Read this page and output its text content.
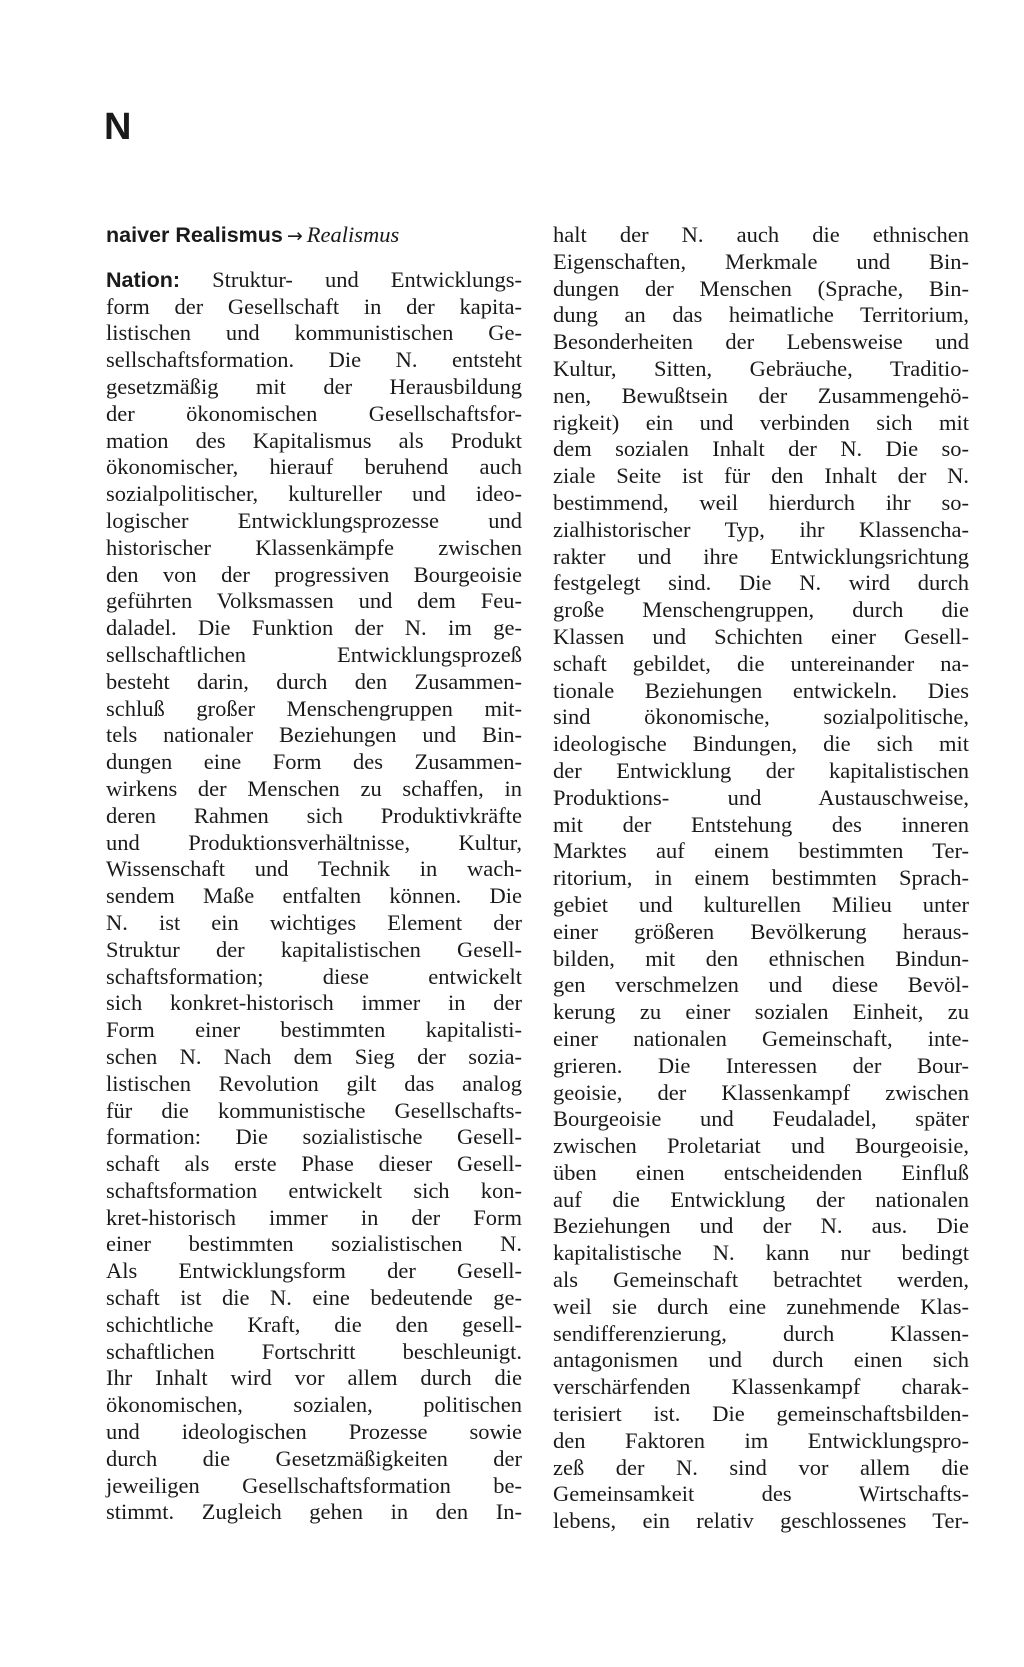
N
naiver Realismus → Realismus
Nation: Struktur- und Entwicklungs-
form der Gesellschaft in der kapita-
listischen und kommunistischen Ge-
sellschaftsformation. Die N. entsteht
gesetzmäßig mit der Herausbildung
der ökonomischen Gesellschaftsfor-
mation des Kapitalismus als Produkt
ökonomischer, hierauf beruhend auch
sozialpolitischer, kultureller und ideo-
logischer Entwicklungsprozesse und
historischer Klassenkämpfe zwischen
den von der progressiven Bourgeoisie
geführten Volksmassen und dem Feu-
daladel. Die Funktion der N. im ge-
sellschaftlichen Entwicklungsprozeß
besteht darin, durch den Zusammen-
schluß großer Menschengruppen mit-
tels nationaler Beziehungen und Bin-
dungen eine Form des Zusammen-
wirkens der Menschen zu schaffen, in
deren Rahmen sich Produktivkräfte
und Produktionsverhältnisse, Kultur,
Wissenschaft und Technik in wach-
sendem Maße entfalten können. Die
N. ist ein wichtiges Element der
Struktur der kapitalistischen Gesell-
schaftsformation; diese entwickelt
sich konkret-historisch immer in der
Form einer bestimmten kapitalisti-
schen N. Nach dem Sieg der sozia-
listischen Revolution gilt das analog
für die kommunistische Gesellschafts-
formation: Die sozialistische Gesell-
schaft als erste Phase dieser Gesell-
schaftsformation entwickelt sich kon-
kret-historisch immer in der Form
einer bestimmten sozialistischen N.
Als Entwicklungsform der Gesell-
schaft ist die N. eine bedeutende ge-
schichtliche Kraft, die den gesell-
schaftlichen Fortschritt beschleunigt.
Ihr Inhalt wird vor allem durch die
ökonomischen, sozialen, politischen
und ideologischen Prozesse sowie
durch die Gesetzmäßigkeiten der
jeweiligen Gesellschaftsformation be-
stimmt. Zugleich gehen in den In-
halt der N. auch die ethnischen
Eigenschaften, Merkmale und Bin-
dungen der Menschen (Sprache, Bin-
dung an das heimatliche Territorium,
Besonderheiten der Lebensweise und
Kultur, Sitten, Gebräuche, Traditio-
nen, Bewußtsein der Zusammengehö-
rigkeit) ein und verbinden sich mit
dem sozialen Inhalt der N. Die so-
ziale Seite ist für den Inhalt der N.
bestimmend, weil hierdurch ihr so-
zialhistorischer Typ, ihr Klassencha-
rakter und ihre Entwicklungsrichtung
festgelegt sind. Die N. wird durch
große Menschengruppen, durch die
Klassen und Schichten einer Gesell-
schaft gebildet, die untereinander na-
tionale Beziehungen entwickeln. Dies
sind ökonomische, sozialpolitische,
ideologische Bindungen, die sich mit
der Entwicklung der kapitalistischen
Produktions- und Austauschweise,
mit der Entstehung des inneren
Marktes auf einem bestimmten Ter-
ritorium, in einem bestimmten Sprach-
gebiet und kulturellen Milieu unter
einer größeren Bevölkerung heraus-
bilden, mit den ethnischen Bindun-
gen verschmelzen und diese Bevöl-
kerung zu einer sozialen Einheit, zu
einer nationalen Gemeinschaft, inte-
grieren. Die Interessen der Bour-
geoisie, der Klassenkampf zwischen
Bourgeoisie und Feudaladel, später
zwischen Proletariat und Bourgeoisie,
üben einen entscheidenden Einfluß
auf die Entwicklung der nationalen
Beziehungen und der N. aus. Die
kapitalistische N. kann nur bedingt
als Gemeinschaft betrachtet werden,
weil sie durch eine zunehmende Klas-
sendifferenzierung, durch Klassen-
antagonismen und durch einen sich
verschärfenden Klassenkampf charak-
terisiert ist. Die gemeinschaftsbilden-
den Faktoren im Entwicklungspro-
zeß der N. sind vor allem die
Gemeinsamkeit des Wirtschafts-
lebens, ein relativ geschlossenes Ter-
